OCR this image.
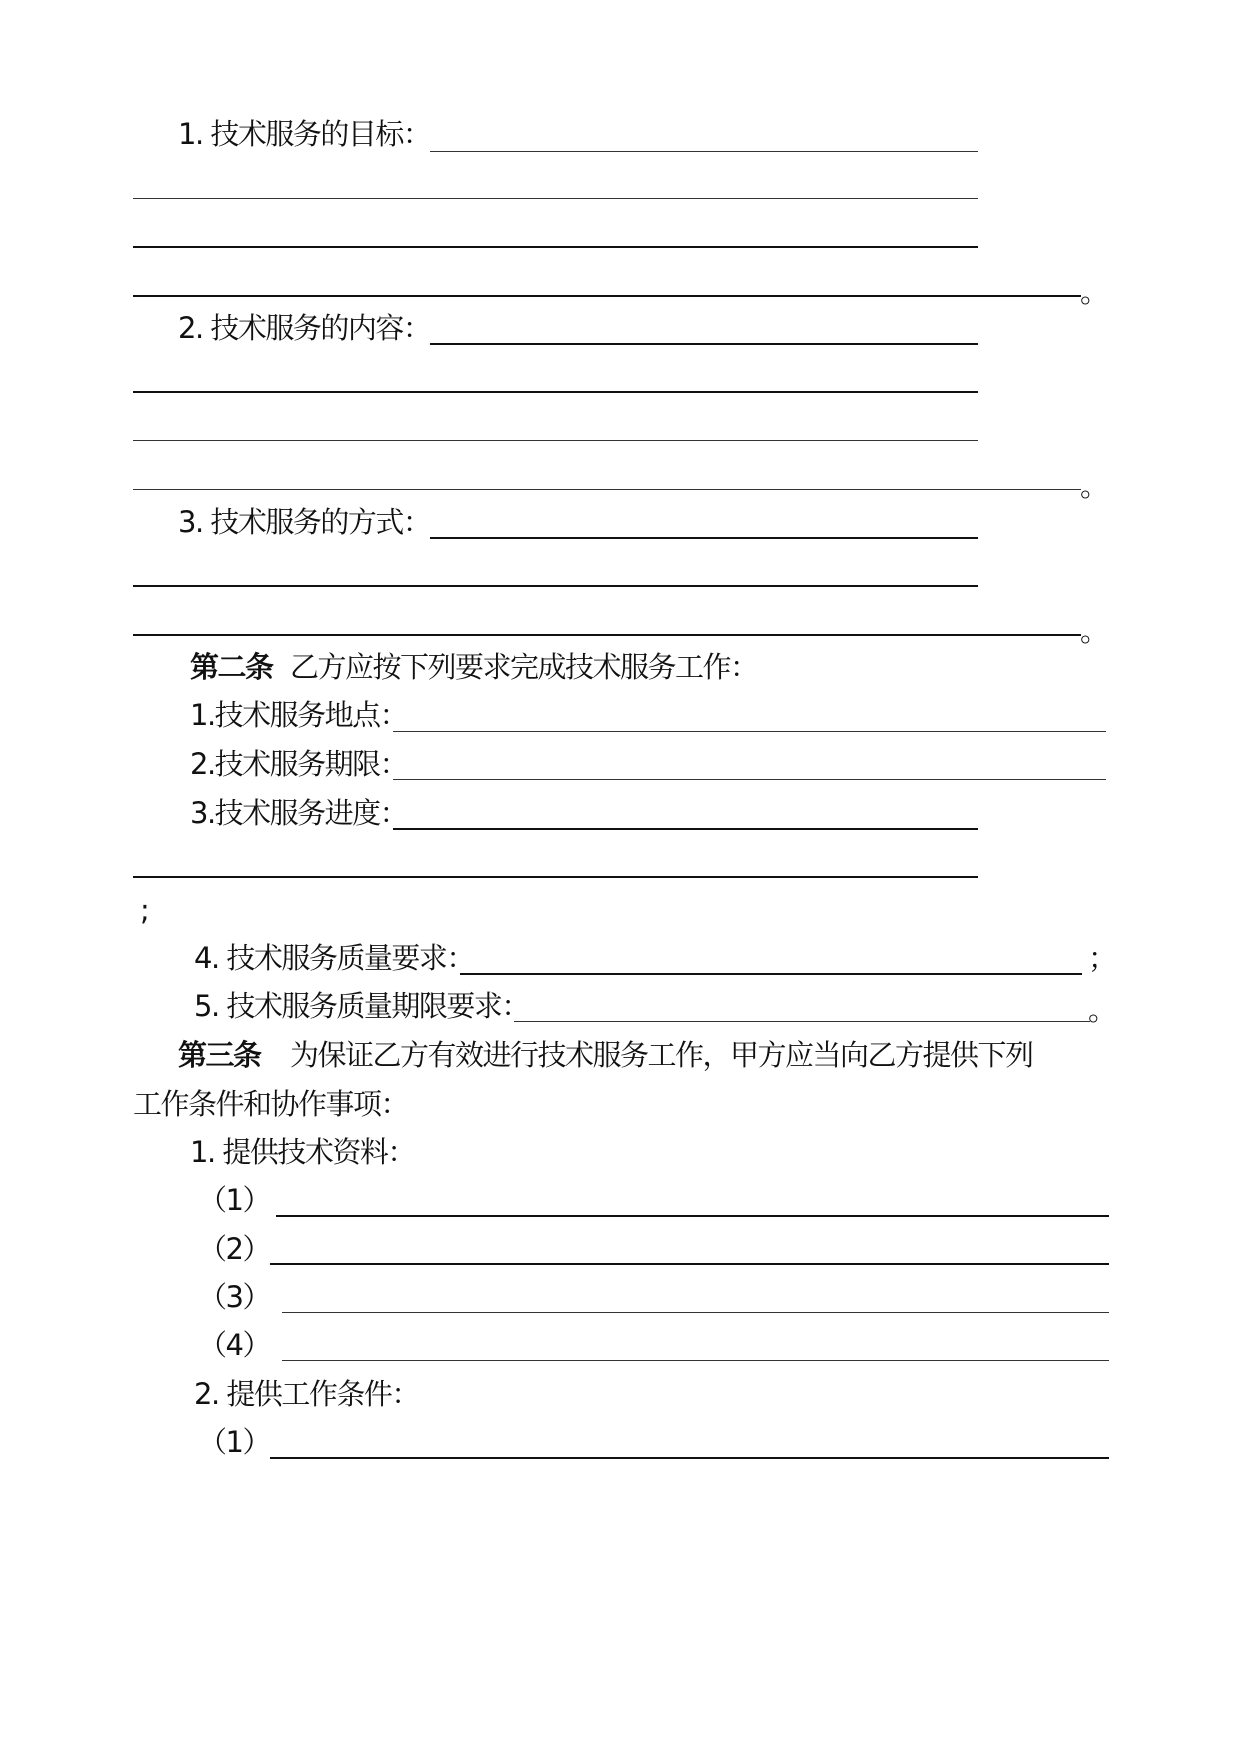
1. 技术服务的目标：
。
2. 技术服务的内容：
。
3. 技术服务的方式：
。
第二条 乙方应按下列要求完成技术服务工作：
1.技术服务地点：
2.技术服务期限：
3.技术服务进度：
;
4. 技术服务质量要求：	；
5. 技术服务质量期限要求：	。
第三条 为保证乙方有效进行技术服务工作，甲方应当向乙方提供下列
工作条件和协作事项：
1. 提供技术资料：
（1）
（2）
（3）
（4）
2. 提供工作条件：
（1）
